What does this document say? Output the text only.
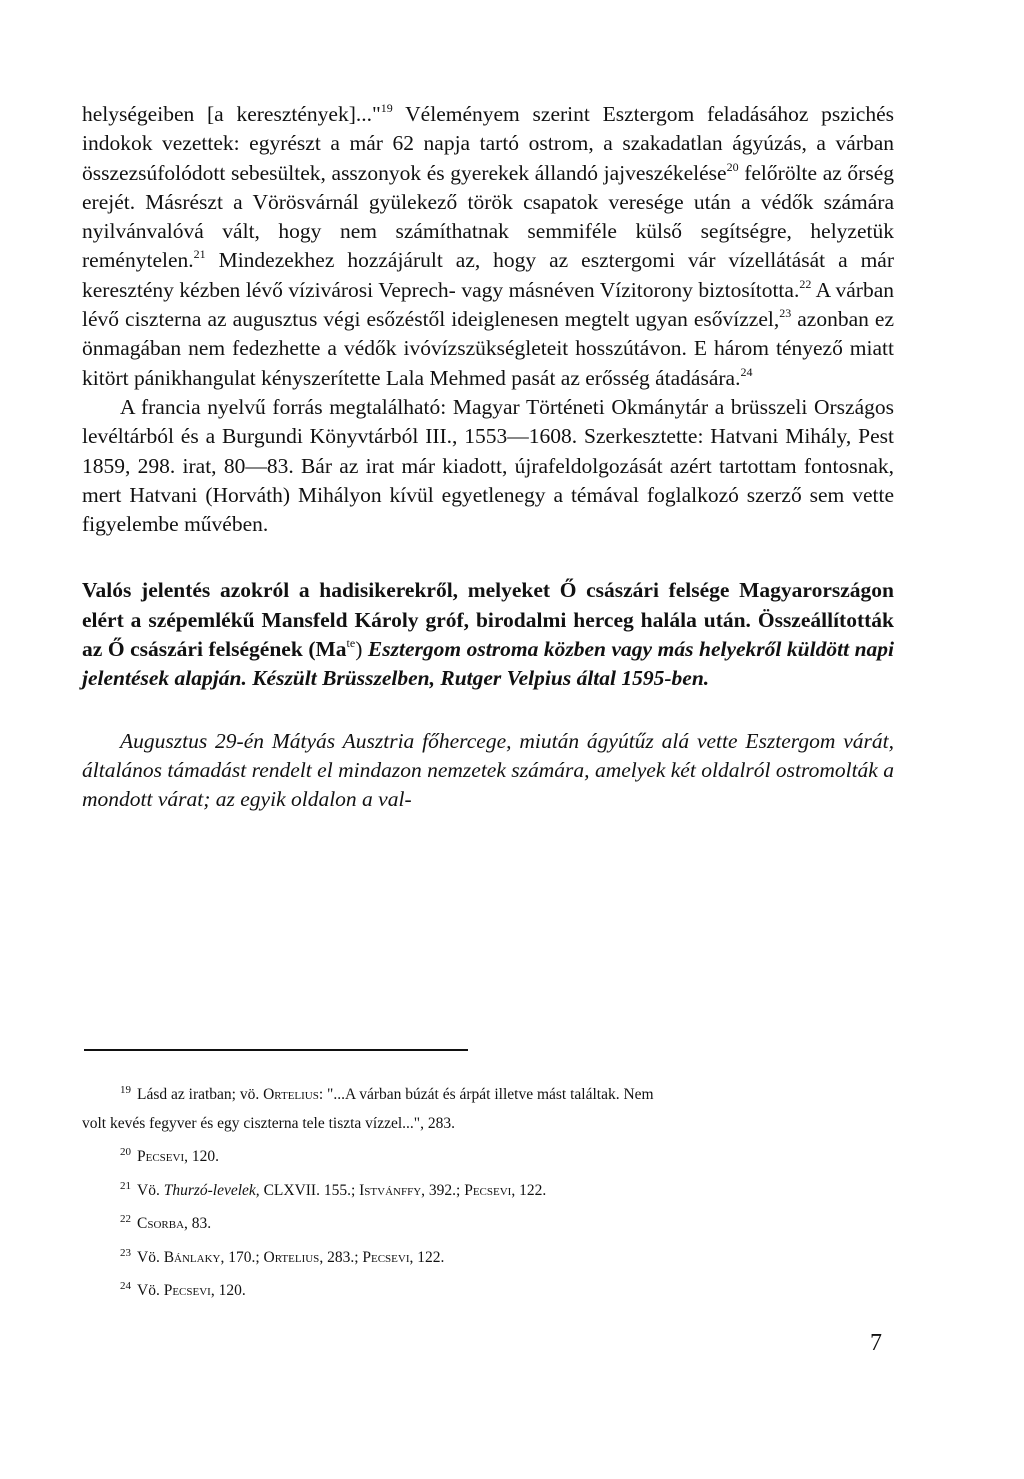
helységeiben [a keresztények]..."$^{19}$ Véleményem szerint Esztergom feladásához pszichés indokok vezettek: egyrészt a már 62 napja tartó ostrom, a szakadatlan ágyúzás, a várban összezsúfolódott sebesültek, asszonyok és gyerekek állandó jajveszékelése$^{20}$ felőrölte az őrség erejét. Másrészt a Vörösvárnál gyülekező török csapatok veresége után a védők számára nyilvánvalóvá vált, hogy nem számíthatnak semmiféle külső segítségre, helyzetük reménytelen.$^{21}$ Mindezekhez hozzájárult az, hogy az esztergomi vár vízellátását a már keresztény kézben lévő vízivárosi Veprech- vagy másnéven Vízitorony biztosította.$^{22}$ A várban lévő ciszterna az augusztus végi esőzéstől ideiglenesen megtelt ugyan esővízzel,$^{23}$ azonban ez önmagában nem fedezhette a védők ivóvízszükségleteit hosszútávon. E három tényező miatt kitört pánikhangulat kényszerítette Lala Mehmed pasát az erősség átadására.$^{24}$

A francia nyelvű forrás megtalálható: Magyar Történeti Okmánytár a brüsszeli Országos levéltárból és a Burgundi Könyvtárból III., 1553—1608. Szerkesztette: Hatvani Mihály, Pest 1859, 298. irat, 80—83. Bár az irat már kiadott, újrafeldolgozását azért tartottam fontosnak, mert Hatvani (Horváth) Mihályon kívül egyetlenegy a témával foglalkozó szerző sem vette figyelembe művében.

Valós jelentés azokról a hadisikerekről, melyeket Ő császári felsége Magyarországon elért a szépemlékű Mansfeld Károly gróf, birodalmi herceg halála után. Összeállították az Ő császári felségének (Ma$^{te}$) Esztergom ostroma közben vagy más helyekről küldött napi jelentések alapján. Készült Brüsszelben, Rutger Velpius által 1595-ben.

Augusztus 29-én Mátyás Ausztria főhercege, miután ágyútűz alá vette Esztergom várát, általános támadást rendelt el mindazon nemzetek számára, amelyek két oldalról ostromolták a mondott várat; az egyik oldalon a val-

$^{19}$ Lásd az iratban; vö. Ortelius: "...A várban búzát és árpát illetve mást találtak. Nem

volt kevés fegyver és egy ciszterna tele tiszta vízzel...", 283.

$^{20}$ Pecsevi, 120.

$^{21}$ Vö. Thurzó-levelek, CLXVII. 155.; Istvánffy, 392.; Pecsevi, 122.

$^{22}$ Csorba, 83.

$^{23}$ Vö. Bánlaky, 170.; Ortelius, 283.; Pecsevi, 122.

$^{24}$ Vö. Pecsevi, 120.

7
